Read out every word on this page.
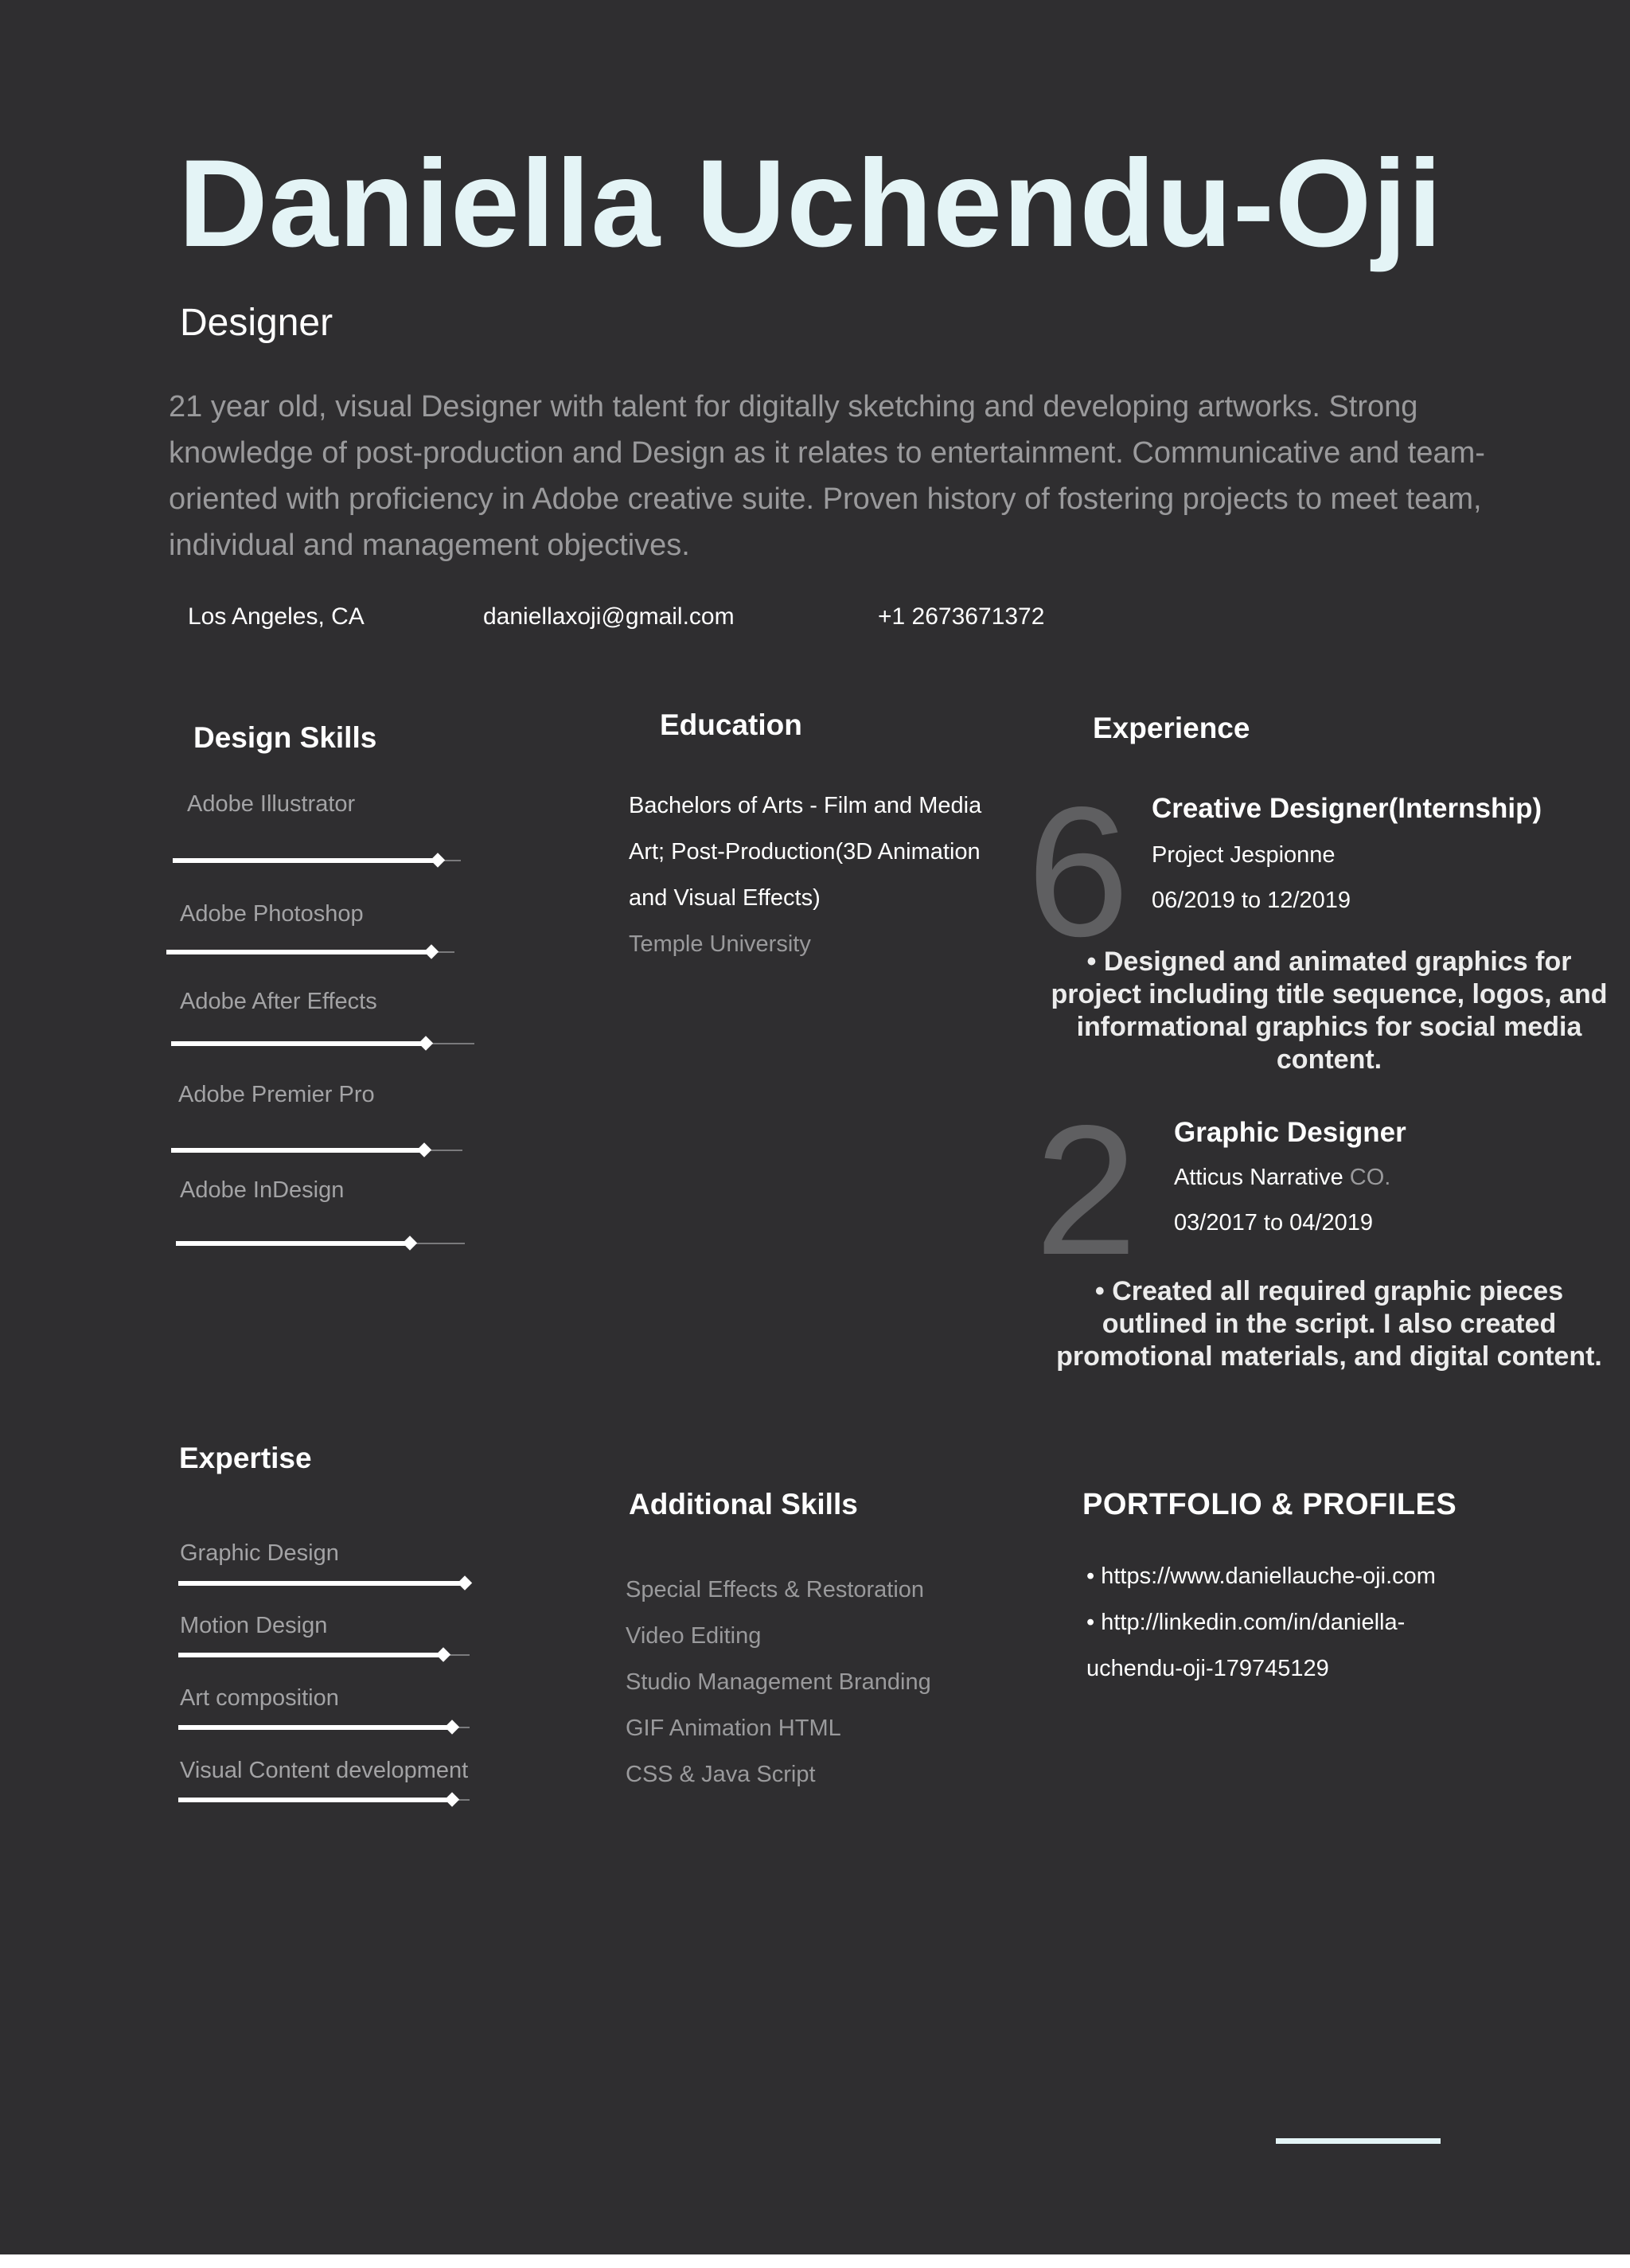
Daniella Uchendu-Oji
Designer
21 year old, visual Designer with talent for digitally sketching and developing artworks. Strong knowledge of post-production and Design as it relates to entertainment. Communicative and team-oriented with proficiency in Adobe creative suite. Proven history of fostering projects to meet team, individual and management objectives.
Los Angeles, CA	daniellaxoji@gmail.com	+1 2673671372
Design Skills
Adobe Illustrator
Adobe Photoshop
Adobe After Effects
Adobe Premier Pro
Adobe InDesign
Education
Bachelors of Arts - Film and Media
Art; Post-Production(3D Animation
and Visual Effects)
Temple University
Experience
6 Creative Designer(Internship)
Project Jespionne
06/2019 to 12/2019
• Designed and animated graphics for project including title sequence, logos, and informational graphics for social media content.
2 Graphic Designer
Atticus Narrative CO.
03/2017 to 04/2019
• Created all required graphic pieces outlined in the script. I also created promotional materials, and digital content.
Expertise
Graphic Design
Motion Design
Art composition
Visual Content development
Additional Skills
Special Effects & Restoration
Video Editing
Studio Management Branding
GIF Animation HTML
CSS & Java Script
PORTFOLIO & PROFILES
• https://www.daniellauche-oji.com
• http://linkedin.com/in/daniella-
uchendu-oji-179745129
